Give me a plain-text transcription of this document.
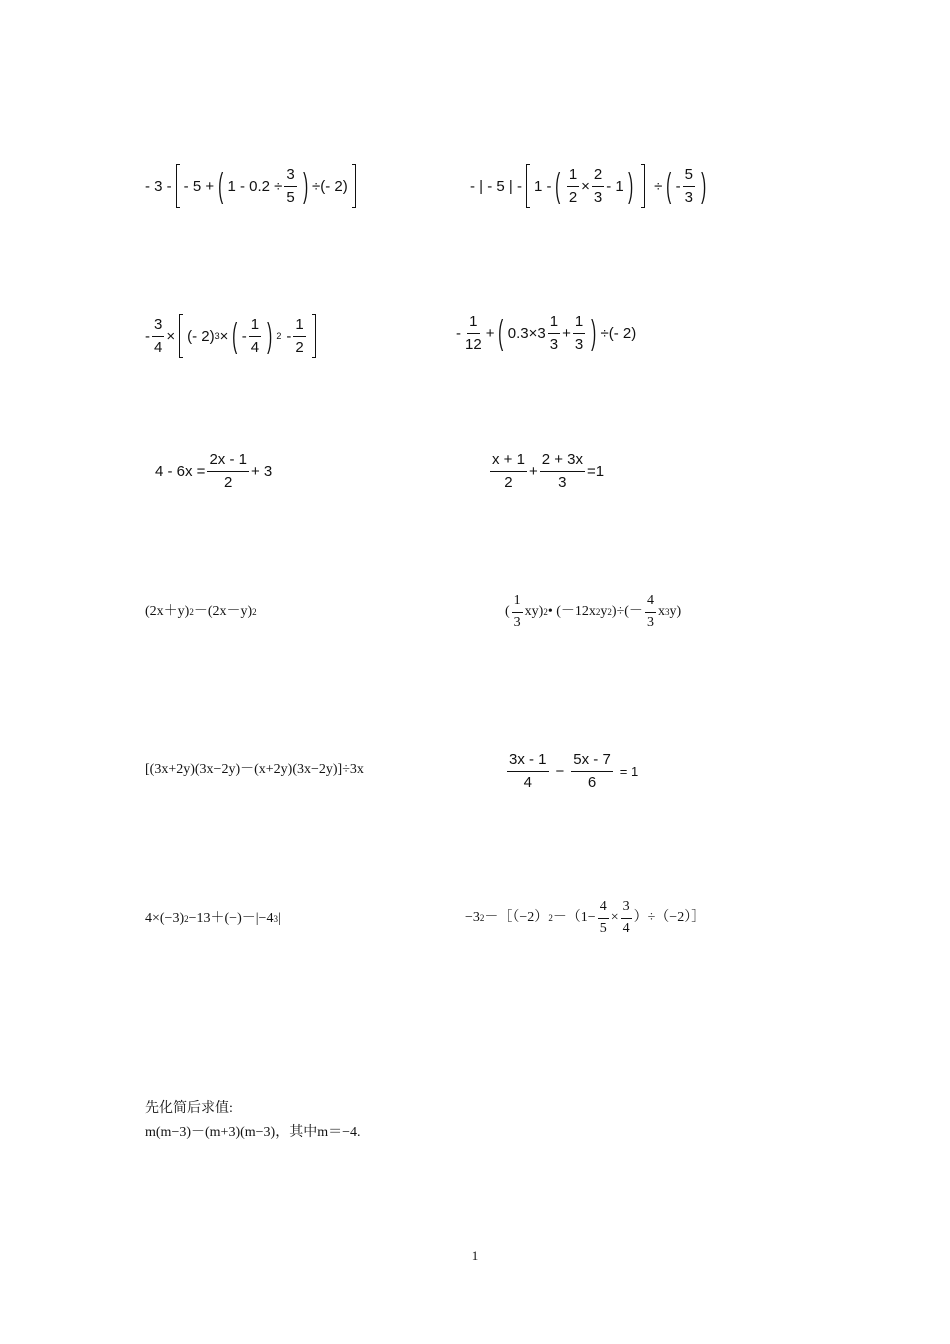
- 3 - - 5 + ( $1 - 0.2 \div \frac{3}{5}$ ) ÷(- 2)	- | - 5 | - 1 - ( $\frac{1}{2} \times \frac{2}{3} - 1$ ) ÷ ( -
5
3 )
- $\frac{3}{4}$ × (- 2) 3 × ( -
1
4 ) 2 -
1
2
-
1
12
+ ( 0.3×3
1
3
+ $\frac{1}{3}$ ) ÷(- 2)
$4 - 6x = \frac{2x - 1}{2} + 3$
x + 1
2
+ $\frac{2 + 3x}{3} =1$
(2x＋y) 2 －(2x－y) 2	(
1
3
xy) 2 • (－12x 2 y 2 )÷(－
4
3
x 3 y)
[(3x+2y)(3x−2y)－(x+2y)(3x−2y)]÷3x
3x - 1
4
−
5x - 7
6
= 1
4×(−3) 2 −13＋(−)－|−4 3 |	−3 2 －［（−2） $2 -(1- \frac{4}{5} \times \frac{3}{4}$ ）÷（−2）］
先化简后求值:
m(m−3)－(m+3)(m−3)，其中m＝−4.
1
